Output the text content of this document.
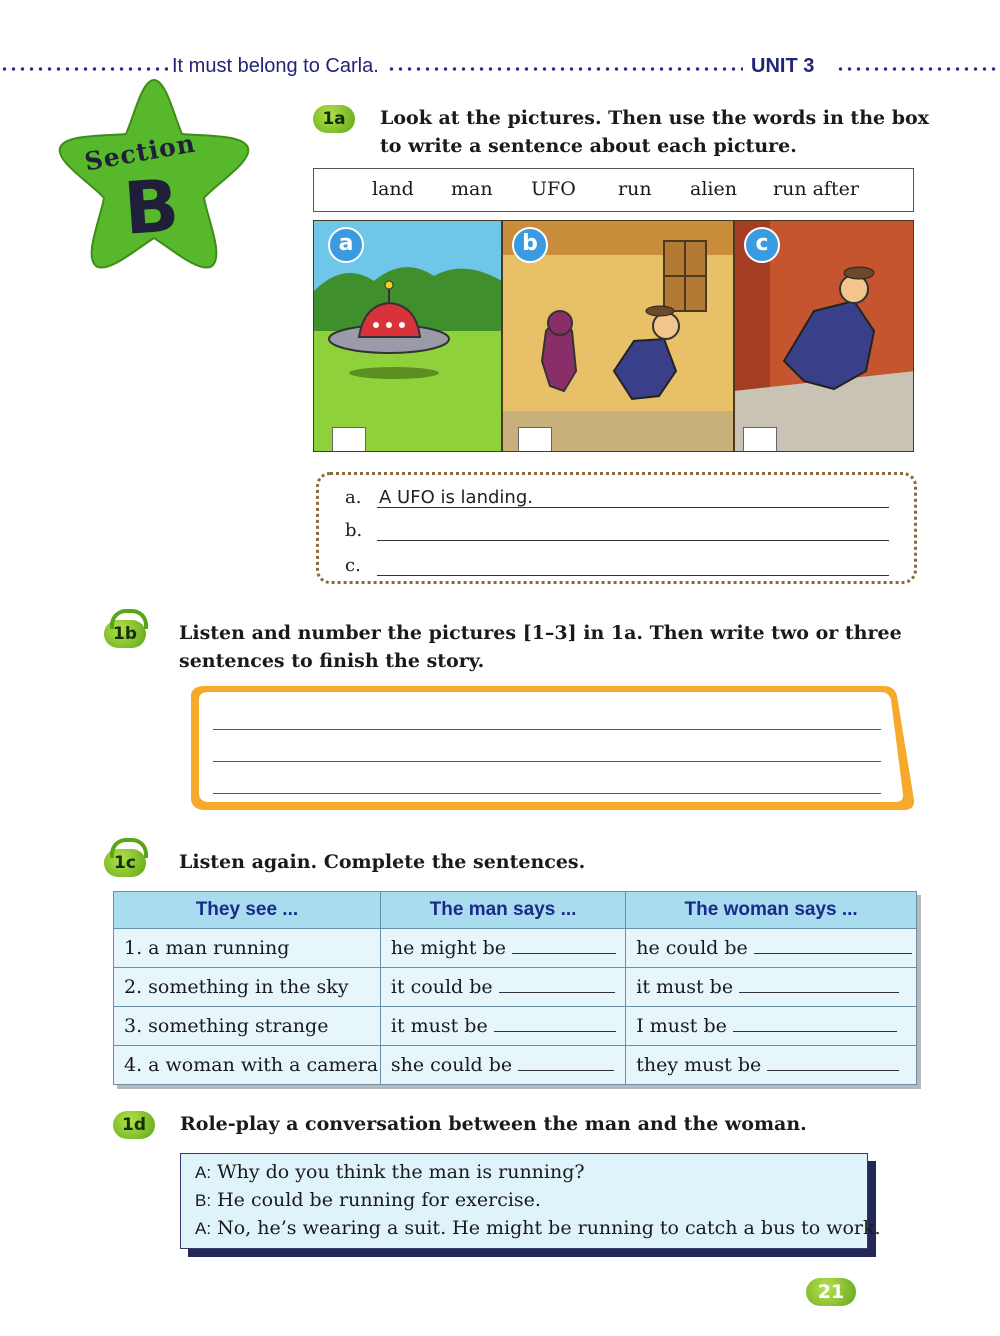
It must belong to Carla.	UNIT 3
Section
B
1a	Look at the pictures. Then use the words in the box
to write a sentence about each picture.
land man UFO run alien run after
a	b	c
a. A UFO is landing.
b.
c.
1b	Listen and number the pictures [1–3] in 1a. Then write two or three
sentences to finish the story.
1c	Listen again. Complete the sentences.
They see ...	The man says ...	The woman says ...
1. a man running	he might be	he could be
2. something in the sky	it could be	it must be
3. something strange	it must be	I must be
4. a woman with a camera	she could be	they must be
1d	Role-play a conversation between the man and the woman.
A: Why do you think the man is running?
B: He could be running for exercise.
A: No, he’s wearing a suit. He might be running to catch a bus to work.
21
